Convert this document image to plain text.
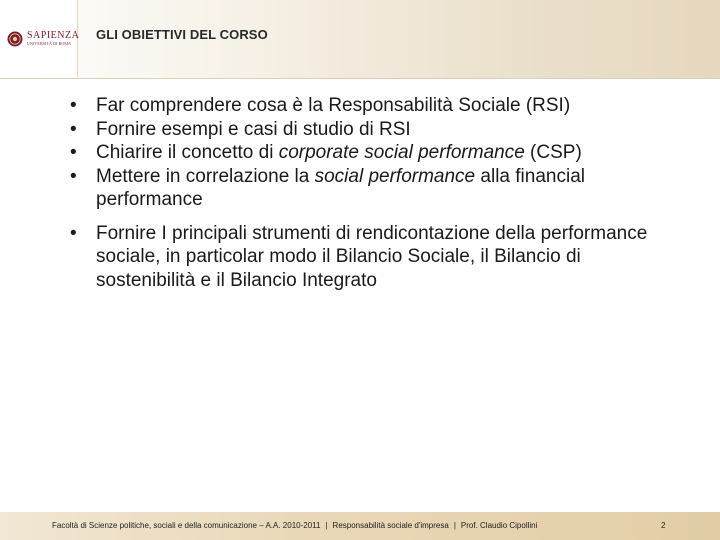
SAPIENZA
UNIVERSITÀ DI ROMA
GLI OBIETTIVI DEL CORSO
• Far comprendere cosa è la Responsabilità Sociale (RSI)
• Fornire esempi e casi di studio di RSI
• Chiarire il concetto di corporate social performance (CSP)
• Mettere in correlazione la social performance alla financial performance
• Fornire I principali strumenti di rendicontazione della performance sociale, in particolar modo il Bilancio Sociale, il Bilancio di sostenibilità e il Bilancio Integrato
Facoltà di Scienze politiche, sociali e della comunicazione – A.A. 2010-2011 | Responsabilità sociale d'impresa | Prof. Claudio Cipollini	2
